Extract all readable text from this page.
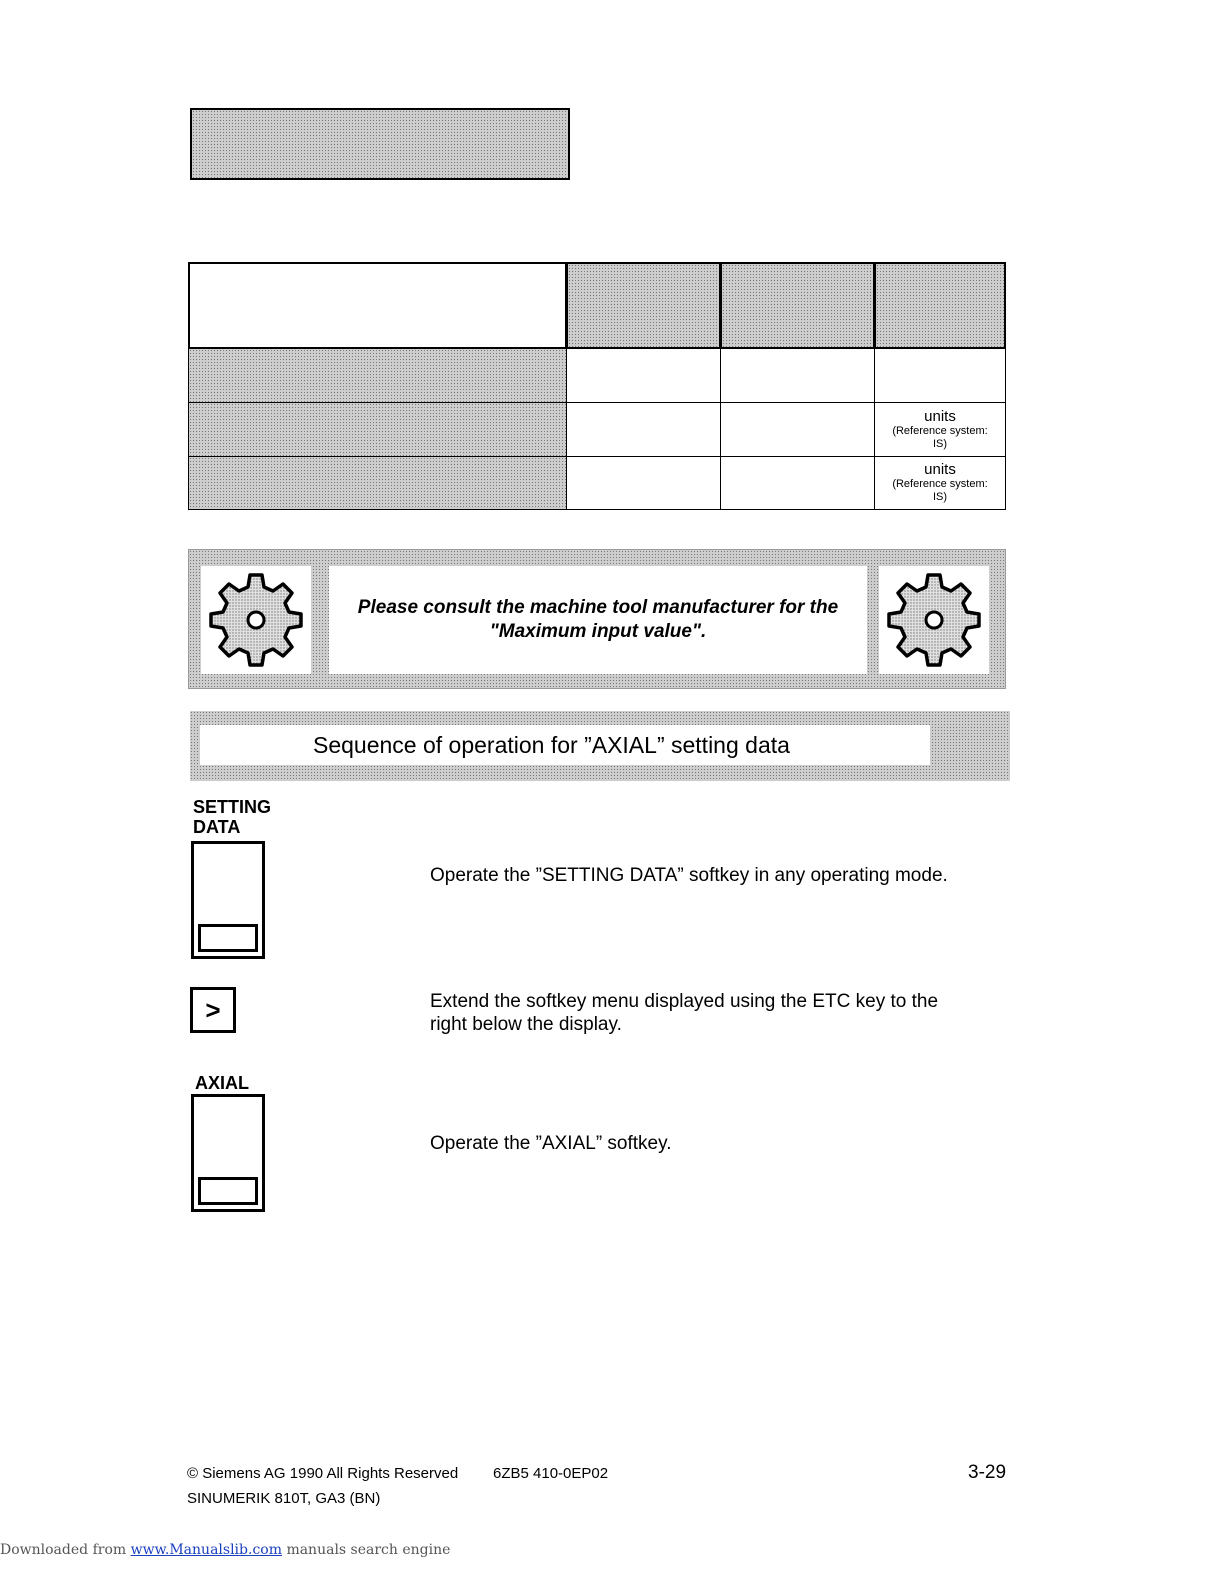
units
(Reference system: IS)
units
(Reference system: IS)
Please consult the machine tool manufacturer for the "Maximum input value".
Sequence of operation for ”AXIAL” setting data
SETTING
DATA
Operate the ”SETTING DATA” softkey in any operating mode.
>	Extend the softkey menu displayed using the ETC key to the right below the display.
AXIAL
Operate the ”AXIAL” softkey.
© Siemens AG 1990 All Rights Reserved 6ZB5 410-0EP02
SINUMERIK 810T, GA3 (BN)
3-29
Downloaded from www.Manualslib.com manuals search engine
